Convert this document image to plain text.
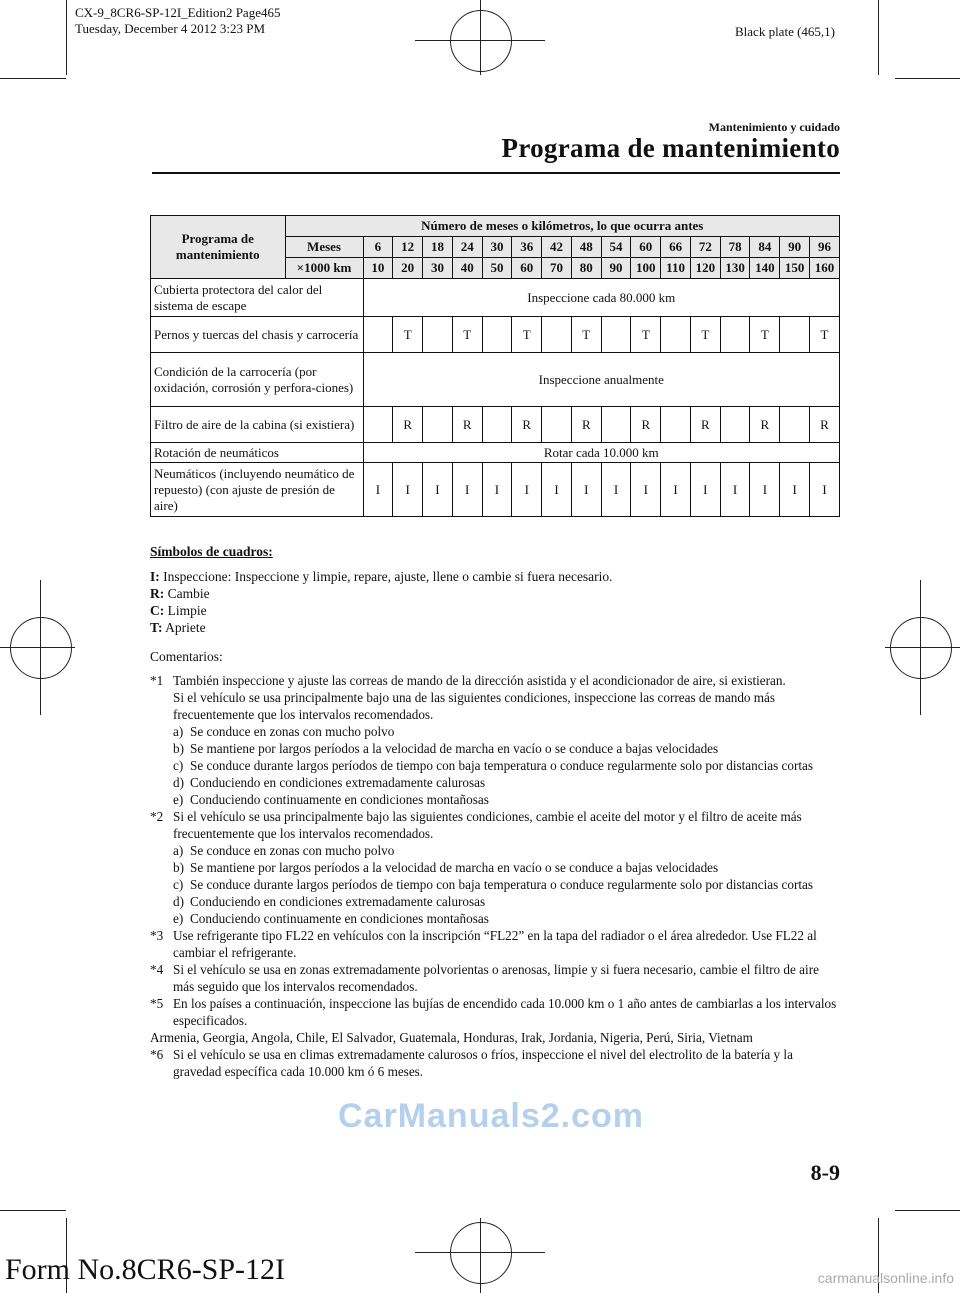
CX-9_8CR6-SP-12I_Edition2 Page465
Tuesday, December 4 2012 3:23 PM	Black plate (465,1)
Mantenimiento y cuidado
Programa de mantenimiento
Programa de mantenimiento	Número de meses o kilómetros, lo que ocurra antes																
	Meses	6	12	18	24	30	36	42	48	54	60	66	72	78	84	90	96
	×1000 km	10	20	30	40	50	60	70	80	90	100	110	120	130	140	150	160
Cubierta protectora del calor del sistema de escape		Inspeccione cada 80.000 km															
Pernos y tuercas del chasis y carrocería			T		T		T		T		T		T		T		T
Condición de la carrocería (por oxidación, corrosión y perfora-ciones)		Inspeccione anualmente															
Filtro de aire de la cabina (si existiera)			R		R		R		R		R		R		R		R
Rotación de neumáticos		Rotar cada 10.000 km															
Neumáticos (incluyendo neumático de repuesto) (con ajuste de presión de aire)		I	I	I	I	I	I	I	I	I	I	I	I	I	I	I	I
Símbolos de cuadros:
I: Inspeccione: Inspeccione y limpie, repare, ajuste, llene o cambie si fuera necesario.
R: Cambie
C: Limpie
T: Apriete
Comentarios:
*1 También inspeccione y ajuste las correas de mando de la dirección asistida y el acondicionador de aire, si existieran.
Si el vehículo se usa principalmente bajo una de las siguientes condiciones, inspeccione las correas de mando más frecuentemente que los intervalos recomendados.
a) Se conduce en zonas con mucho polvo
b) Se mantiene por largos períodos a la velocidad de marcha en vacío o se conduce a bajas velocidades
c) Se conduce durante largos períodos de tiempo con baja temperatura o conduce regularmente solo por distancias cortas
d) Conduciendo en condiciones extremadamente calurosas
e) Conduciendo continuamente en condiciones montañosas
*2 Si el vehículo se usa principalmente bajo las siguientes condiciones, cambie el aceite del motor y el filtro de aceite más frecuentemente que los intervalos recomendados.
a) Se conduce en zonas con mucho polvo
b) Se mantiene por largos períodos a la velocidad de marcha en vacío o se conduce a bajas velocidades
c) Se conduce durante largos períodos de tiempo con baja temperatura o conduce regularmente solo por distancias cortas
d) Conduciendo en condiciones extremadamente calurosas
e) Conduciendo continuamente en condiciones montañosas
*3 Use refrigerante tipo FL22 en vehículos con la inscripción “FL22” en la tapa del radiador o el área alrededor. Use FL22 al cambiar el refrigerante.
*4 Si el vehículo se usa en zonas extremadamente polvorientas o arenosas, limpie y si fuera necesario, cambie el filtro de aire más seguido que los intervalos recomendados.
*5 En los países a continuación, inspeccione las bujías de encendido cada 10.000 km o 1 año antes de cambiarlas a los intervalos especificados.
Armenia, Georgia, Angola, Chile, El Salvador, Guatemala, Honduras, Irak, Jordania, Nigeria, Perú, Siria, Vietnam
*6 Si el vehículo se usa en climas extremadamente calurosos o fríos, inspeccione el nivel del electrolito de la batería y la gravedad específica cada 10.000 km ó 6 meses.
CarManuals2.com
8-9
Form No.8CR6-SP-12I	carmanualsonline.info
